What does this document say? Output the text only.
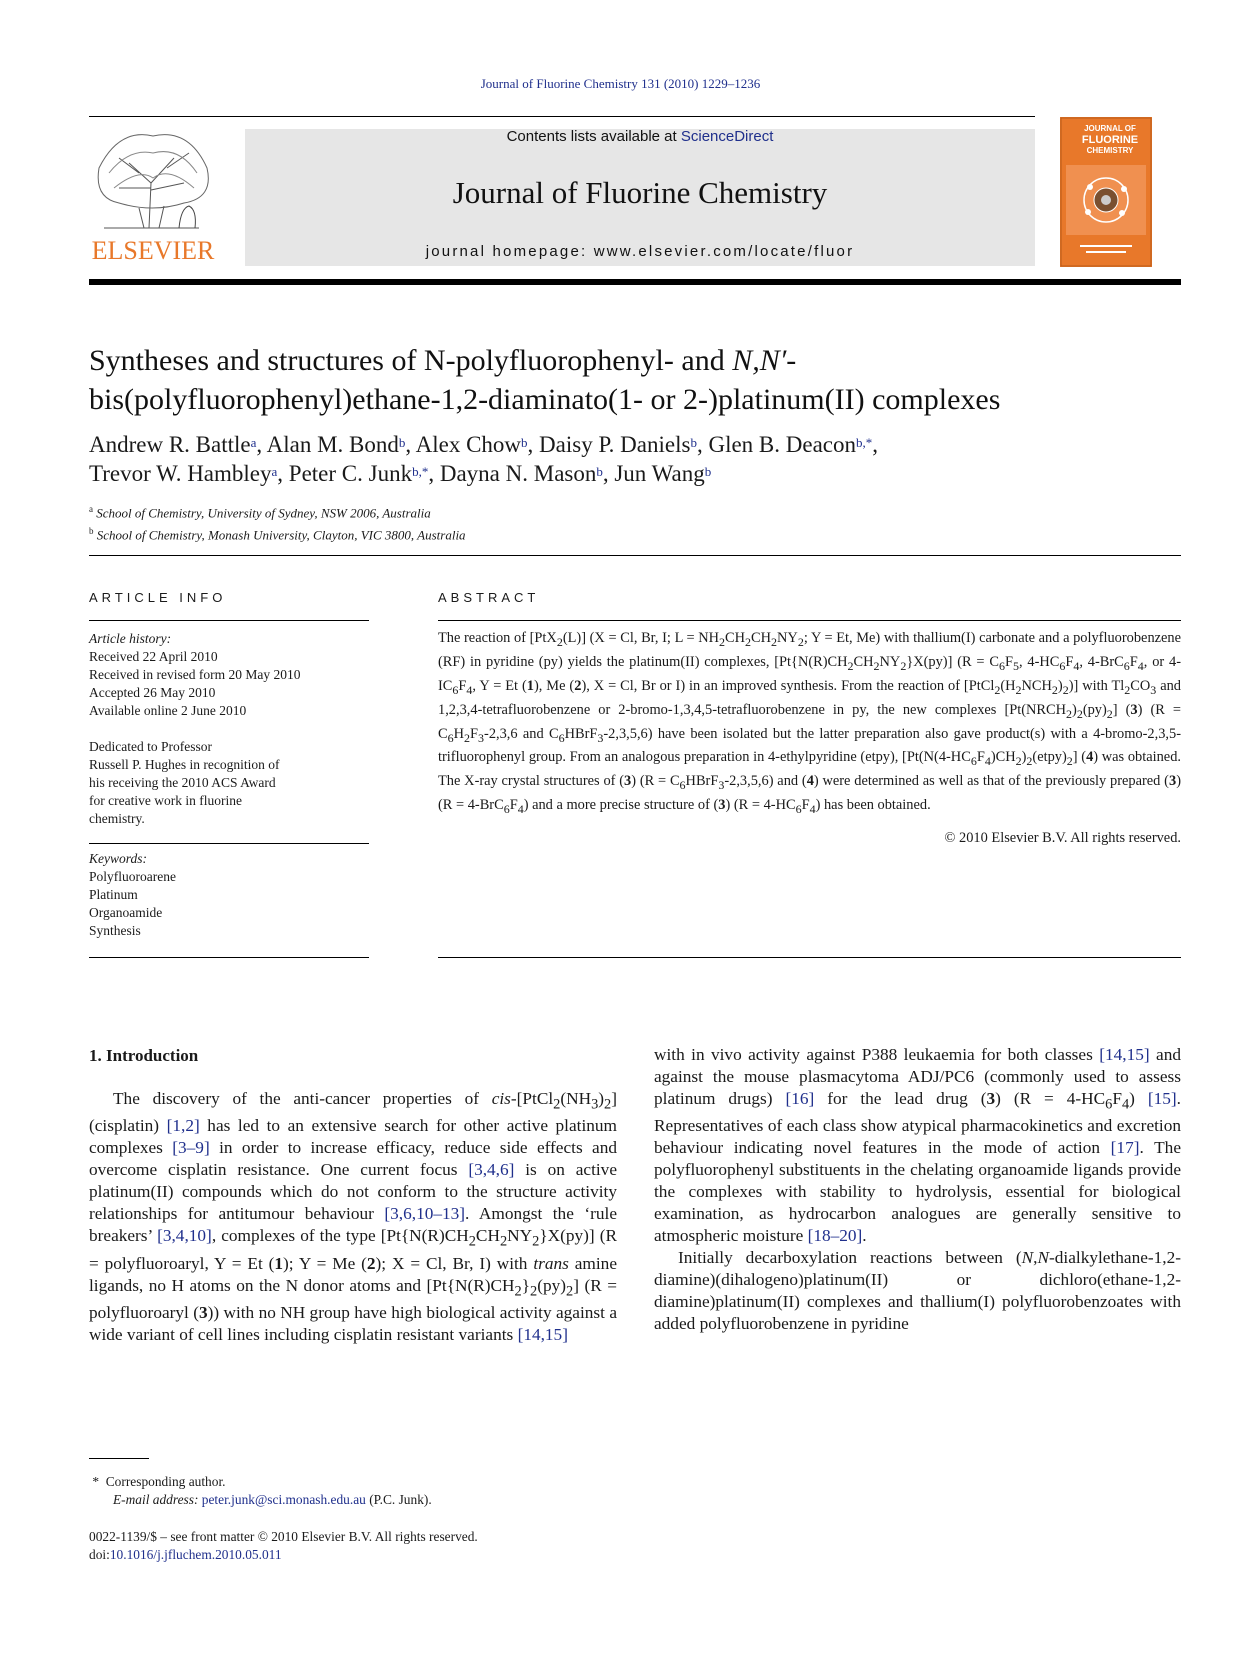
Journal of Fluorine Chemistry 131 (2010) 1229–1236
ELSEVIER
Contents lists available at ScienceDirect
Journal of Fluorine Chemistry
journal homepage: www.elsevier.com/locate/fluor
JOURNAL OF
FLUORINE
CHEMISTRY
Syntheses and structures of N-polyfluorophenyl- and N,N′-
bis(polyfluorophenyl)ethane-1,2-diaminato(1- or 2-)platinum(II) complexes
Andrew R. Battle$^a$, Alan M. Bond$^b$, Alex Chow$^b$, Daisy P. Daniels$^b$, Glen B. Deacon$^{b,*}$,
Trevor W. Hambley$^a$, Peter C. Junk$^{b,*}$, Dayna N. Mason$^b$, Jun Wang$^b$
$^a$ School of Chemistry, University of Sydney, NSW 2006, Australia
$^b$ School of Chemistry, Monash University, Clayton, VIC 3800, Australia
ARTICLE INFO
Article history:
Received 22 April 2010
Received in revised form 20 May 2010
Accepted 26 May 2010
Available online 2 June 2010
Dedicated to Professor
Russell P. Hughes in recognition of
his receiving the 2010 ACS Award
for creative work in fluorine
chemistry.
Keywords:
Polyfluoroarene
Platinum
Organoamide
Synthesis
ABSTRACT
The reaction of [PtX$_2$(L)] (X = Cl, Br, I; $L = NH_2CH_2CH_2NY_2$; Y = Et, Me) with thallium(I) carbonate and a polyfluorobenzene (RF) in pyridine (py) yields the platinum(II) complexes, $[Pt\{N(R)CH_2CH_2NY_2\}X(py)] (R = C_6F_5$, $4-HC_6F_4$, $4-BrC_6F_4$, or $4-IC_6F_4$, Y = Et (1), Me (2), X = Cl, Br or I) in an improved synthesis. From the reaction of $[PtCl_2(H_2NCH_2)_2)$] with $Tl_2CO_3$ and 1,2,3,4-tetrafluorobenzene or 2-bromo-1,3,4,5-tetrafluorobenzene in py, the new complexes $[Pt(NRCH_2)_2(py)_2]$ (3) ($R = C_6H_2F_3-2,3,6$ and $C_6HBrF_3-2,3,5,6$) have been isolated but the latter preparation also gave product(s) with a 4-bromo-2,3,5-trifluorophenyl group. From an analogous preparation in 4-ethylpyridine (etpy), $[Pt(N(4-HC_6F_4)CH_2)_2(etpy)_2]$ (4) was obtained. The X-ray crystal structures of (3) $(R = C_6HBrF_3-2,3,5,6)$ and (4) were determined as well as that of the previously prepared (3) $(R = 4-BrC_6F_4)$ and a more precise structure of (3) $(R = 4-HC_6F_4)$ has been obtained.
© 2010 Elsevier B.V. All rights reserved.
1. Introduction

The discovery of the anti-cancer properties of cis-$[PtCl_2(NH_3)_2]$ (cisplatin) [1,2] has led to an extensive search for other active platinum complexes [3–9] in order to increase efficacy, reduce side effects and overcome cisplatin resistance. One current focus [3,4,6] is on active platinum(II) compounds which do not conform to the structure activity relationships for antitumour behaviour [3,6,10–13]. Amongst the ‘rule breakers’ [3,4,10], complexes of the type $[Pt\{N(R)CH_2CH_2NY_2\}X(py)] (R$ = polyfluoroaryl, Y = Et (1); Y = Me (2); X = Cl, Br, I) with trans amine ligands, no H atoms on the N donor atoms and $[Pt\{N(R)CH_2\}_2(py)_2] (R$ = polyfluoroaryl (3)) with no NH group have high biological activity against a wide variant of cell lines including cisplatin resistant variants [14,15]

with in vivo activity against P388 leukaemia for both classes [14,15] and against the mouse plasmacytoma ADJ/PC6 (commonly used to assess platinum drugs) [16] for the lead drug (3) $(R = 4-HC_6F_4)$ [15]. Representatives of each class show atypical pharmacokinetics and excretion behaviour indicating novel features in the mode of action [17]. The polyfluorophenyl substituents in the chelating organoamide ligands provide the complexes with stability to hydrolysis, essential for biological examination, as hydrocarbon analogues are generally sensitive to atmospheric moisture [18–20].

Initially decarboxylation reactions between (N,N-dialkylethane-1,2-diamine)(dihalogeno)platinum(II) or dichloro(ethane-1,2-diamine)platinum(II) complexes and thallium(I) polyfluorobenzoates with added polyfluorobenzene in pyridine

*  Corresponding author.
E-mail address: peter.junk@sci.monash.edu.au (P.C. Junk).
0022-1139/$ – see front matter © 2010 Elsevier B.V. All rights reserved.
doi:10.1016/j.jfluchem.2010.05.011
